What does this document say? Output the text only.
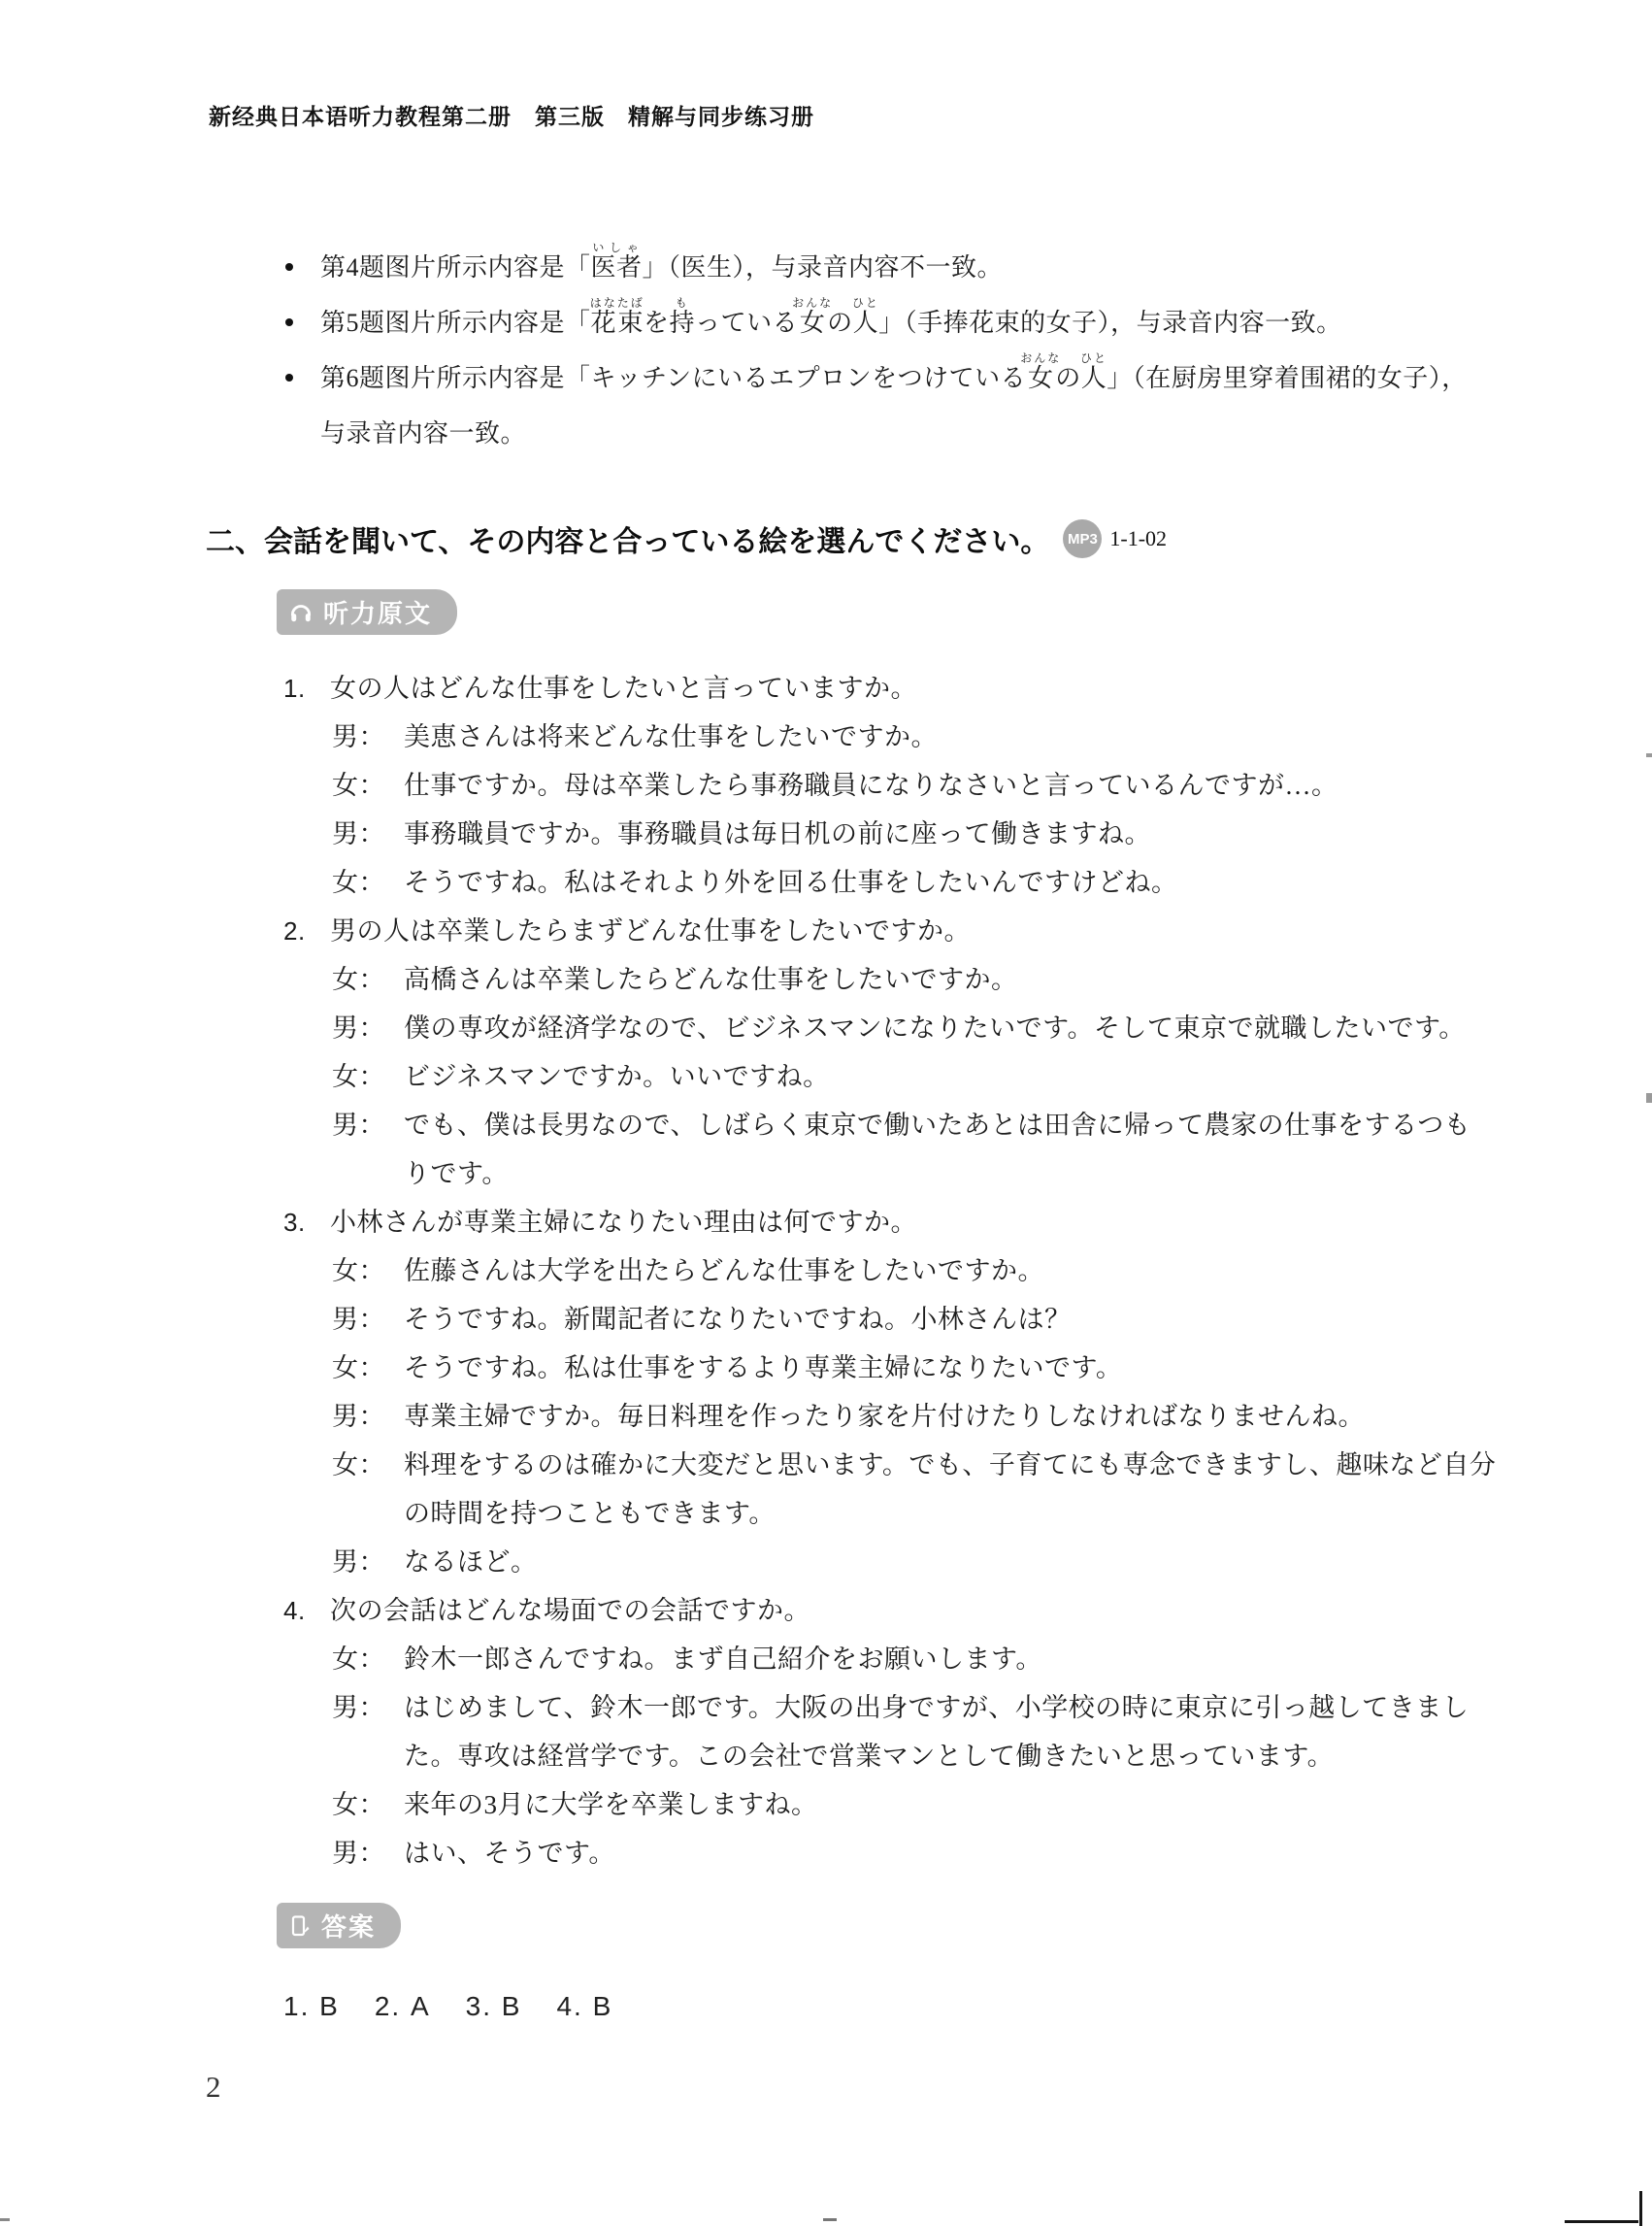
新经典日本语听力教程第二册　第三版　精解与同步练习册
第4题图片所示内容是「医者いしゃ」（医生），与录音内容不一致。
第5题图片所示内容是「花束はなたばを持もっている女おんなの人ひと」（手捧花束的女子），与录音内容一致。
第6题图片所示内容是「キッチンにいるエプロンをつけている女おんなの人ひと」（在厨房里穿着围裙的女子），与录音内容一致。
二、会話を聞いて、その内容と合っている絵を選んでください。	MP3 1-1-02
听力原文
1. 女の人はどんな仕事をしたいと言っていますか。
男： 美恵さんは将来どんな仕事をしたいですか。
女： 仕事ですか。母は卒業したら事務職員になりなさいと言っているんですが…。
男： 事務職員ですか。事務職員は毎日机の前に座って働きますね。
女： そうですね。私はそれより外を回る仕事をしたいんですけどね。
2. 男の人は卒業したらまずどんな仕事をしたいですか。
女： 高橋さんは卒業したらどんな仕事をしたいですか。
男： 僕の専攻が経済学なので、ビジネスマンになりたいです。そして東京で就職したいです。
女： ビジネスマンですか。いいですね。
男： でも、僕は長男なので、しばらく東京で働いたあとは田舎に帰って農家の仕事をするつもりです。
3. 小林さんが専業主婦になりたい理由は何ですか。
女： 佐藤さんは大学を出たらどんな仕事をしたいですか。
男： そうですね。新聞記者になりたいですね。小林さんは？
女： そうですね。私は仕事をするより専業主婦になりたいです。
男： 専業主婦ですか。毎日料理を作ったり家を片付けたりしなければなりませんね。
女： 料理をするのは確かに大変だと思います。でも、子育てにも専念できますし、趣味など自分の時間を持つこともできます。
男： なるほど。
4. 次の会話はどんな場面での会話ですか。
女： 鈴木一郎さんですね。まず自己紹介をお願いします。
男： はじめまして、鈴木一郎です。大阪の出身ですが、小学校の時に東京に引っ越してきました。専攻は経営学です。この会社で営業マンとして働きたいと思っています。
女： 来年の3月に大学を卒業しますね。
男： はい、そうです。
答案
1. B 2. A 3. B 4. B
2
